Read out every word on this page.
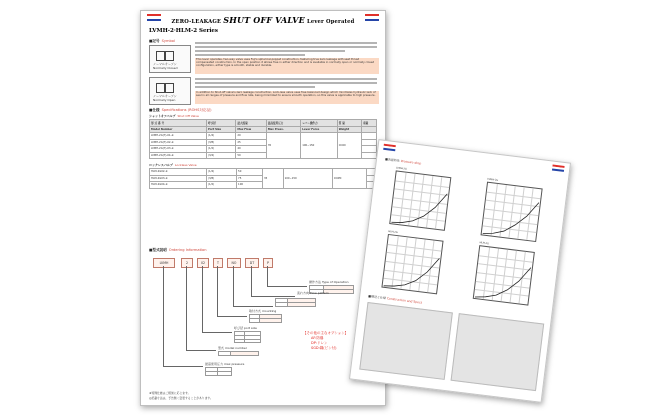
ZERO-LEAKAGE SHUT OFF VALVE Lever Operated
LVMH-2·HLM-2 Series
■記号 Symbol
ノーマルオープン
Normally Closed
This lever operates, two-way valve uses Fuji's spherical-poppet construction, featuring true zero leakage with seat thrust compensated construction. In the open position it allows free in either direction and is available in normally open or normally closed configuration, either type is smooth, stable and durable.
ノーマルオープン
Normally Open
In addition to Shut-off valve's zero leakage construction, Lock-less valve uses free balanced design which minimizes hydraulic lack of seal in all ranges of pressure and flow rate, being minimized to ensure smooth operation, so this valve is applicable to high pressure.
■仕様 Specifications (ROHS対応品)
シャットオフバルブ Shut Off Valve
形 式 番 号	呼び径	最大流量	最高使用圧力	レバー操作力	質 量	重量
Model Number	Port Size	Max Flow	Max Press.	Lever Force	Weight	
LVMH-2G(T)-01-※	(1/4)	20	35	100~150	CC60	
LVMH-2G(T)-02-※	(3/8)	25				
LVMH-2G(T)-03-※	(1/2)	40				
LVMH-2G(T)-04-※	(3/4)	50				
ロックレスバルブ Lockless Valve
HLM-2G02-※	(1/4)	50	35	100~150	CC6M	
HLM-2G03-※	(3/8)	75				
HLM-2G04-※	(1/2)	100				
■型式説明 Ordering Information
LVMH	2	02	T	NO	DT	P
操作方法 Type of Operation

流れ方向 Flow pattern

取付方式 mounting

呼び径 port size

型式 model number

最高使用圧力 max pressure

【その他の主なオプション】
AF:防爆
DP:ドレン
SGD:鋼(ピン付)
★特殊仕様はご相談に応じます。
◎記載寸法は、予告無く変更することがあります。
■流量特性 Pressure drop
LVMH-2G
LVMH-2G
HLM-2G
HLM-2G
■構造と仕様 Construction and Specs
